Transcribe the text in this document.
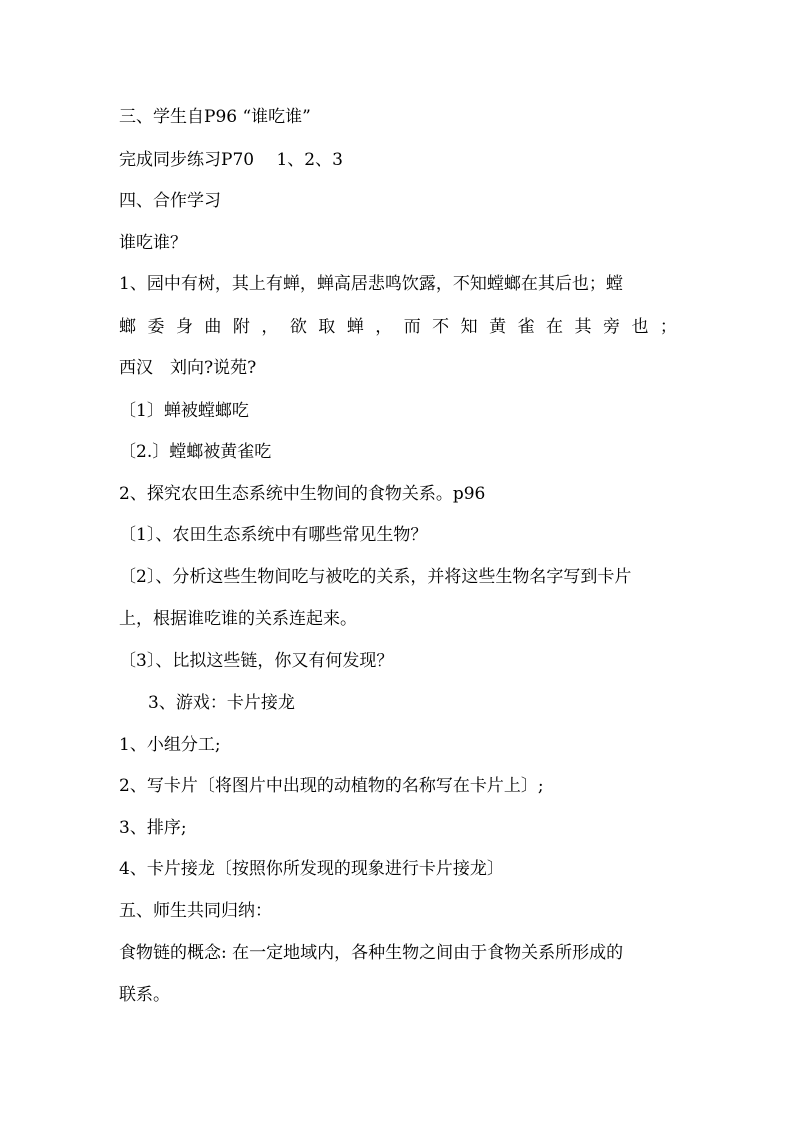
三、学生自P96 “谁吃谁”
完成同步练习P70　 1、2、3
四、合作学习
谁吃谁？
1、园中有树，其上有蝉，蝉高居悲鸣饮露，不知螳螂在其后也；螳
螂 委 身 曲 附 ， 欲 取 蝉 ， 而 不 知 黄 雀 在 其 旁 也 ；
西汉　刘向?说苑?
〔1〕蝉被螳螂吃
〔2.〕螳螂被黄雀吃
2、探究农田生态系统中生物间的食物关系。p96
〔1〕、农田生态系统中有哪些常见生物？
〔2〕、分析这些生物间吃与被吃的关系，并将这些生物名字写到卡片
上，根据谁吃谁的关系连起来。
〔3〕、比拟这些链，你又有何发现？
3、游戏：卡片接龙
1、小组分工;
2、写卡片〔将图片中出现的动植物的名称写在卡片上〕;
3、排序;
4、卡片接龙〔按照你所发现的现象进行卡片接龙〕
五、师生共同归纳：
食物链的概念: 在一定地域内，各种生物之间由于食物关系所形成的
联系。
